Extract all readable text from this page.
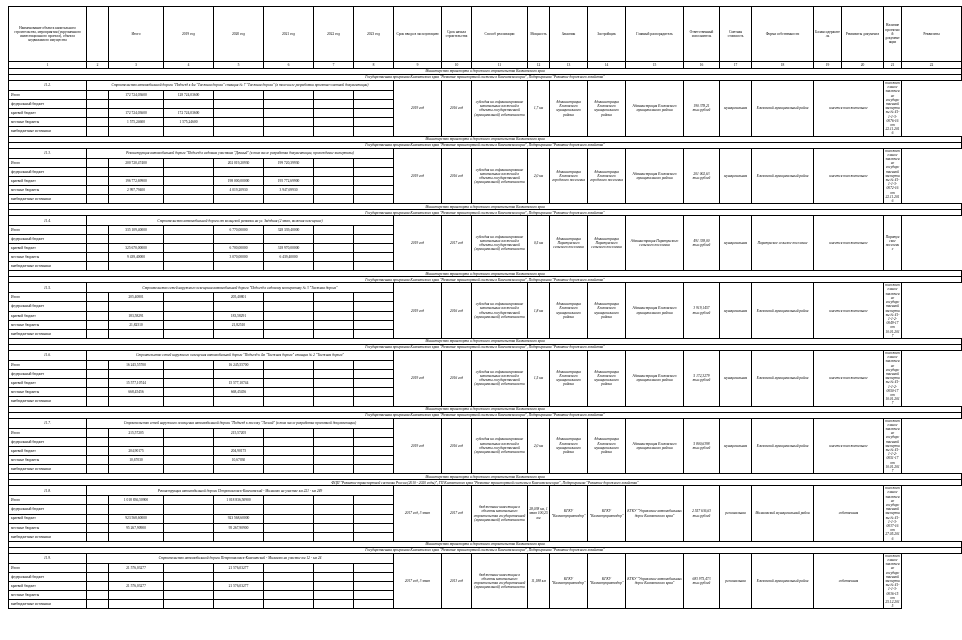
Наименование объекта капитального строительства, мероприятия (укрупненного инвестиционного проекта), объекта недвижимого имущества		Итого	2019 год	2020 год	2021 год	2022 год	2023 год	Срок ввода в эксплуатацию	Срок начала строительства	Способ реализации	Мощность	Заказчик	Застройщик	Главный распорядитель	Ответственный исполнитель	Сметная стоимость	Форма собственности	Балансодержатель	Реквизиты документа	Наличие проектной документации	Реквизиты
1	2	3	4	5	6	7	8	9	10	11	12	13	14	15	16	17	18	19	20	21	22
Министерство транспорта и дорожного строительства Камчатского края																					
Государственная программа Камчатского края "Развитие транспортной системы в Камчатском крае", Подпрограмма "Развитие дорожного хозяйства"																					
11.2.	Строительство автомобильной дороги "Подъезд к 4м "Таежная дорога" станция № 7 "Таежная дорога" (в том числе разработка проектно-сметной документации)							2019 год	2016 год	субсидия на софинансирование капитальных вложений в объекты государственной (муниципальной) собственности	1,7 км	Администрация Елизовского муниципального района	Администрация Елизовского муниципального района	Администрация Елизовского муниципального района	190 378,21 тыс.рублей	муниципальная	Елизовский муниципальный район	имеется положительное		положительное заключение государственной экспертизы № 41-1-1-3-0076-16 от 22.11.2016	
Итого		172 724,03600	128 724,03600																		
федеральный бюджет																					
краевой бюджет		172 724,03600	172 724,03600																		
местные бюджеты		1 575,24600	1 575,24600																		
внебюджетные источники																					
Министерство транспорта и дорожного строительства Камчатского края																					
Государственная программа Камчатского края "Развитие транспортной системы в Камчатском крае", Подпрограмма "Развитие дорожного хозяйства"																					
11.3.	Реконструкция автомобильной дороги "Подъезд к садовым участкам "Дачный" (в том числе разработка документации, прохождение экспертизы)							2019 год	2016 год	субсидия на софинансирование капитальных вложений в объекты государственной (муниципальной) собственности	2,0 км	Администрация Елизовского городского поселения	Администрация Елизовского городского поселения	Администрация Елизовского муниципального района	201 002,63 тыс.рублей	муниципальная	Елизовский муниципальный район	имеется положительное		положительное заключение государственной экспертизы № 41-1-1-3-0072-16 от 22.11.2016	
Итого		200 720,47400		202 019,20930	199 720,39930																
федеральный бюджет																					
краевой бюджет		196 772,69900		198 000,00000	195 772,69900																
местные бюджеты		2 997,79400		4 019,20930	3 947,69930																
внебюджетные источники																					
Министерство транспорта и дорожного строительства Камчатского края																					
Государственная программа Камчатского края "Развитие транспортной системы в Камчатском крае", Подпрограмма "Развитие дорожного хозяйства"																					
11.4.	Строительство автомобильной дороги от кольцевой развязки на ул. Звёздная (2 этап, включая освещение)							2019 год	2017 год	субсидия на софинансирование капитальных вложений в объекты государственной (муниципальной) собственности	0,5 км	Администрация Паратунского сельского поселения	Администрация Паратунского сельского поселения	Администрация Паратунского сельского поселения	491 338,00 тыс.рублей	муниципальная	Паратунское сельское поселение	имеется положительное		Паратунское поселение	
Итого		335 109,40000		6 770,00000	328 339,40000																
федеральный бюджет																					
краевой бюджет		325 670,00000		6 700,00000	318 970,00000																
местные бюджеты		9 439,40000		3 070,00000	6 439,40000																
внебюджетные источники																					
Министерство транспорта и дорожного строительства Камчатского края																					
Государственная программа Камчатского края "Развитие транспортной системы в Камчатском крае", Подпрограмма "Развитие дорожного хозяйства"																					
11.5.	Строительство сетей наружного освещения автомобильной дороги "Подъезд к садовому кооперативу № 3 "Таежная дорога"							2019 год	2016 год	субсидия на софинансирование капитальных вложений в объекты государственной (муниципальной) собственности	1,8 км	Администрация Елизовского муниципального района	Администрация Елизовского муниципального района	Администрация Елизовского муниципального района	3 919,1457 тыс.рублей	муниципальная	Елизовский муниципальный район	имеется положительное		положительное заключение государственной экспертизы № 41-1-1-2-0049-17 от 10.01.2017	
Итого		205,40801		205,40801																	
федеральный бюджет																					
краевой бюджет		183,58291		183,58291																	
местные бюджеты		21,82510		21,82510																	
внебюджетные источники																					
Министерство транспорта и дорожного строительства Камчатского края																					
Государственная программа Камчатского края "Развитие транспортной системы в Камчатском крае", Подпрограмма "Развитие дорожного хозяйства"																					
11.6.	Строительство сетей наружного освещения автомобильной дороги "Подъезд к 4м "Таежная дорога" станция № 2 "Таежная дорога"							2019 год	2016 год	субсидия на софинансирование капитальных вложений в объекты государственной (муниципальной) собственности	1,5 км	Администрация Елизовского муниципального района	Администрация Елизовского муниципального района	Администрация Елизовского муниципального района	5 172,3279 тыс.рублей	муниципальная	Елизовский муниципальный район	имеется положительное		положительное заключение государственной экспертизы № 41-1-1-2-0050-17 от 10.01.2017	
Итого		16 245,55700		16 245,55700																	
федеральный бюджет																					
краевой бюджет		15 577,10744		15 577,10744																	
местные бюджеты		668,45456		668,45456																	
внебюджетные источники																					
Министерство транспорта и дорожного строительства Камчатского края																					
Государственная программа Камчатского края "Развитие транспортной системы в Камчатском крае", Подпрограмма "Развитие дорожного хозяйства"																					
11.7.	Строительство сетей наружного освещения автомобильной дороги "Подъезд к поселку "Лесной" (в том числе разработка проектной документации)							2019 год	2016 год	субсидия на софинансирование капитальных вложений в объекты государственной (муниципальной) собственности	2,0 км	Администрация Елизовского муниципального района	Администрация Елизовского муниципального района	Администрация Елизовского муниципального района	5 800,6398 тыс.рублей	муниципальная	Елизовский муниципальный район	имеется положительное		положительное заключение государственной экспертизы № 41-1-1-2-0051-17 от 10.01.2017	
Итого		215,57205		215,57205																	
федеральный бюджет																					
краевой бюджет		204,90175		204,90175																	
местные бюджеты		10,67030		10,67030																	
внебюджетные источники																					
Министерство транспорта и дорожного строительства Камчатского края																					
ФЦП "Развитие транспортной системы России (2010 - 2020 годы)", ГП Камчатского края "Развитие транспортной системы в Камчатском крае", Подпрограмма "Развитие дорожного хозяйства"																					
11.8.	Реконструкция автомобильной дороги Петропавловск-Камчатский - Мильково на участке км 221 - км 249							2017 год, 3 этап	2017 год	бюджетные инвестиции в объекты капитального строительства государственной (муниципальной) собственности	28,038 км, 1 этап 100,25 км	КГКУ "Камчатуправтодор"	КГКУ "Камчатуправтодор"	КГКУ "Управление автомобильных дорог Камчатского края"	2 557 636,63 тыс.рублей	региональная	Мильковский муниципальный район	собственная		положительное заключение государственной экспертизы № 41-1-1-3-0037-16 от 27.05.2016	
Итого		1 018 836,50900		1 018 836,50900																	
федеральный бюджет																					
краевой бюджет		923 568,60000		923 568,60000																	
местные бюджеты		95 267,90900		95 267,90900																	
внебюджетные источники																					
Министерство транспорта и дорожного строительства Камчатского края																					
Государственная программа Камчатского края "Развитие транспортной системы в Камчатском крае", Подпрограмма "Развитие дорожного хозяйства"																					
11.9.	Строительство автомобильной дороги Петропавловск-Камчатский - Мильково на участке км 12 - км 24							2017 год, 3 этап	2013 год	бюджетные инвестиции в объекты капитального строительства государственной (муниципальной) собственности	11,188 км	КГКУ "Камчатуправтодор"	КГКУ "Камчатуправтодор"	КГКУ "Управление автомобильных дорог Камчатского края"	683 975,473 тыс.рублей	региональная	Елизовский муниципальный район	собственная		положительное заключение государственной экспертизы № 41-1-1-3-0036-15 от 25.12.2015	
Итого		21 576,03277		21 576,03277																	
федеральный бюджет																					
краевой бюджет		21 576,03277		21 576,03277																	
местные бюджеты																					
внебюджетные источники																					
